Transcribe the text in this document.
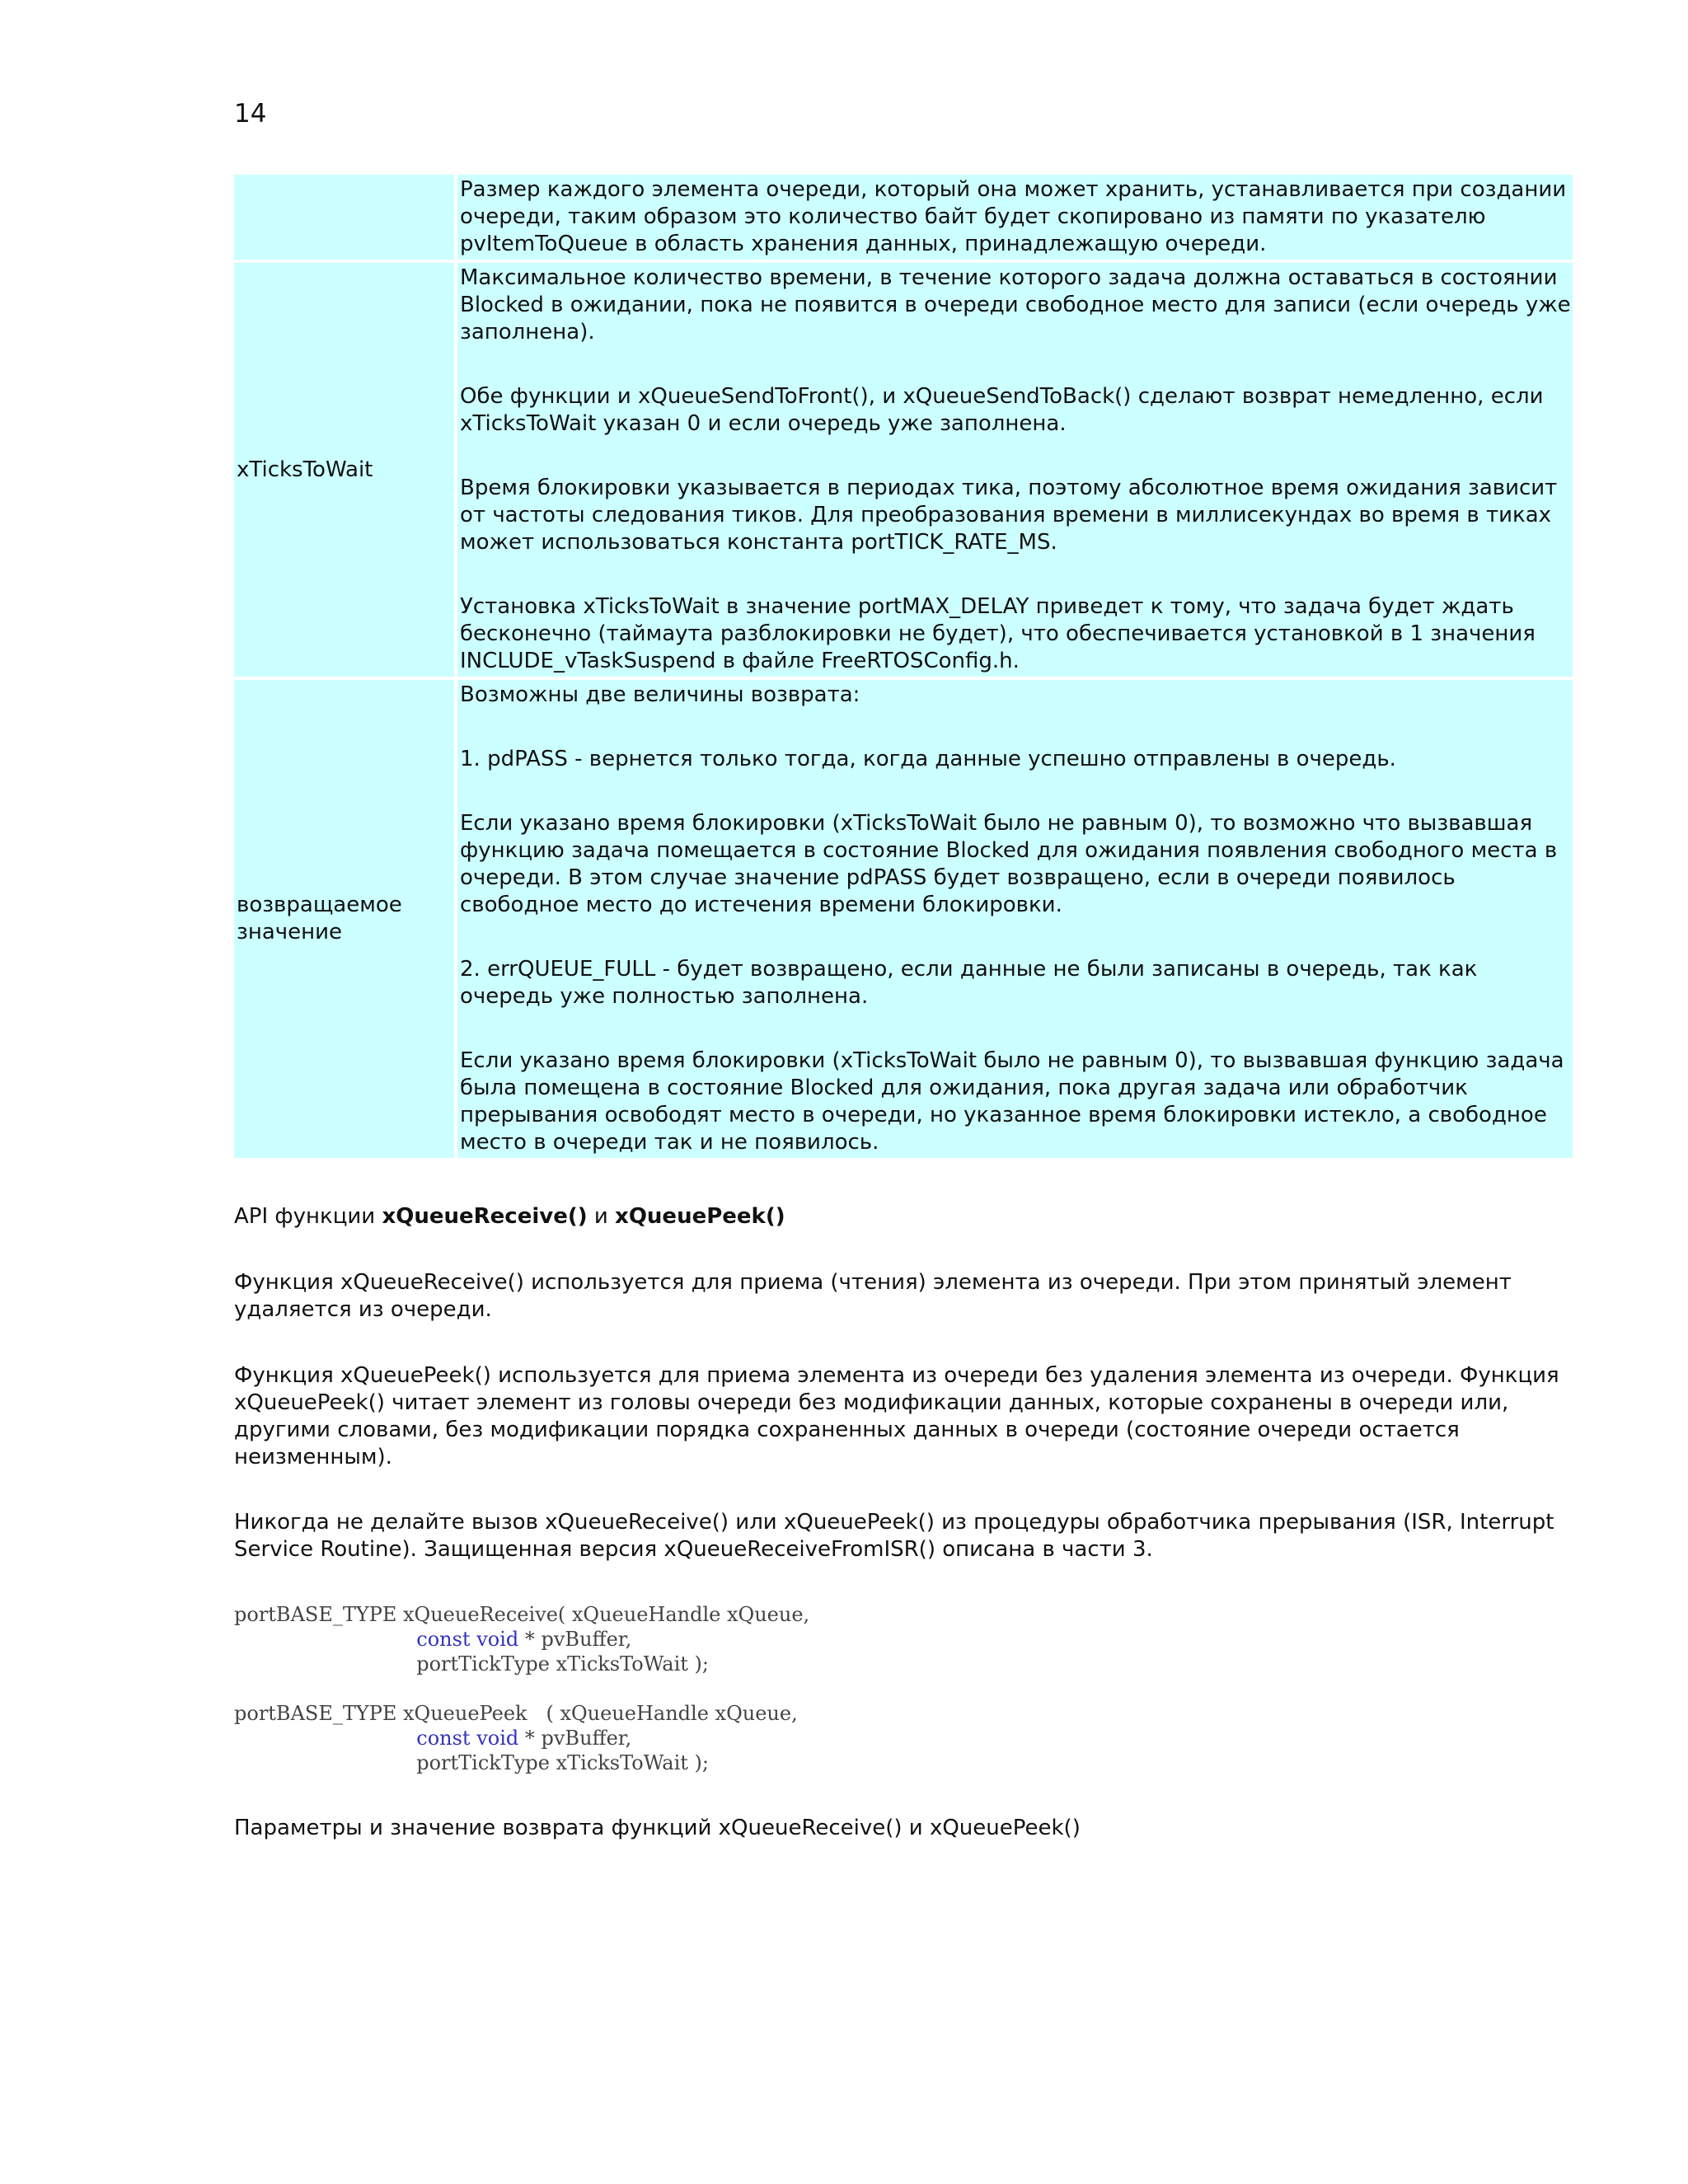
14

	Размер каждого элемента очереди, который она может хранить, устанавливается при создании очереди, таким образом это количество байт будет скопировано из памяти по указателю pvItemToQueue в область хранения данных, принадлежащую очереди.

xTicksToWait	Максимальное количество времени, в течение которого задача должна оставаться в состоянии Blocked в ожидании, пока не появится в очереди свободное место для записи (если очередь уже заполнена).

Обе функции и xQueueSendToFront(), и xQueueSendToBack() сделают возврат немедленно, если xTicksToWait указан 0 и если очередь уже заполнена.

Время блокировки указывается в периодах тика, поэтому абсолютное время ожидания зависит от частоты следования тиков. Для преобразования времени в миллисекундах во время в тиках может использоваться константа portTICK_RATE_MS.

Установка xTicksToWait в значение portMAX_DELAY приведет к тому, что задача будет ждать бесконечно (таймаута разблокировки не будет), что обеспечивается установкой в 1 значения INCLUDE_vTaskSuspend в файле FreeRTOSConfig.h.

возвращаемое значение	Возможны две величины возврата:

1. pdPASS - вернется только тогда, когда данные успешно отправлены в очередь.

Если указано время блокировки (xTicksToWait было не равным 0), то возможно что вызвавшая функцию задача помещается в состояние Blocked для ожидания появления свободного места в очереди. В этом случае значение pdPASS будет возвращено, если в очереди появилось свободное место до истечения времени блокировки.

2. errQUEUE_FULL - будет возвращено, если данные не были записаны в очередь, так как очередь уже полностью заполнена.

Если указано время блокировки (xTicksToWait было не равным 0), то вызвавшая функцию задача была помещена в состояние Blocked для ожидания, пока другая задача или обработчик прерывания освободят место в очереди, но указанное время блокировки истекло, а свободное место в очереди так и не появилось.

API функции xQueueReceive() и xQueuePeek()

Функция xQueueReceive() используется для приема (чтения) элемента из очереди. При этом принятый элемент удаляется из очереди.

Функция xQueuePeek() используется для приема элемента из очереди без удаления элемента из очереди. Функция xQueuePeek() читает элемент из головы очереди без модификации данных, которые сохранены в очереди или, другими словами, без модификации порядка сохраненных данных в очереди (состояние очереди остается неизменным).

Никогда не делайте вызов xQueueReceive() или xQueuePeek() из процедуры обработчика прерывания (ISR, Interrupt Service Routine). Защищенная версия xQueueReceiveFromISR() описана в части 3.

portBASE_TYPE xQueueReceive( xQueueHandle xQueue,
const void * pvBuffer,
portTickType xTicksToWait );
portBASE_TYPE xQueuePeek   ( xQueueHandle xQueue,
const void * pvBuffer,
portTickType xTicksToWait );

Параметры и значение возврата функций xQueueReceive() и xQueuePeek()
